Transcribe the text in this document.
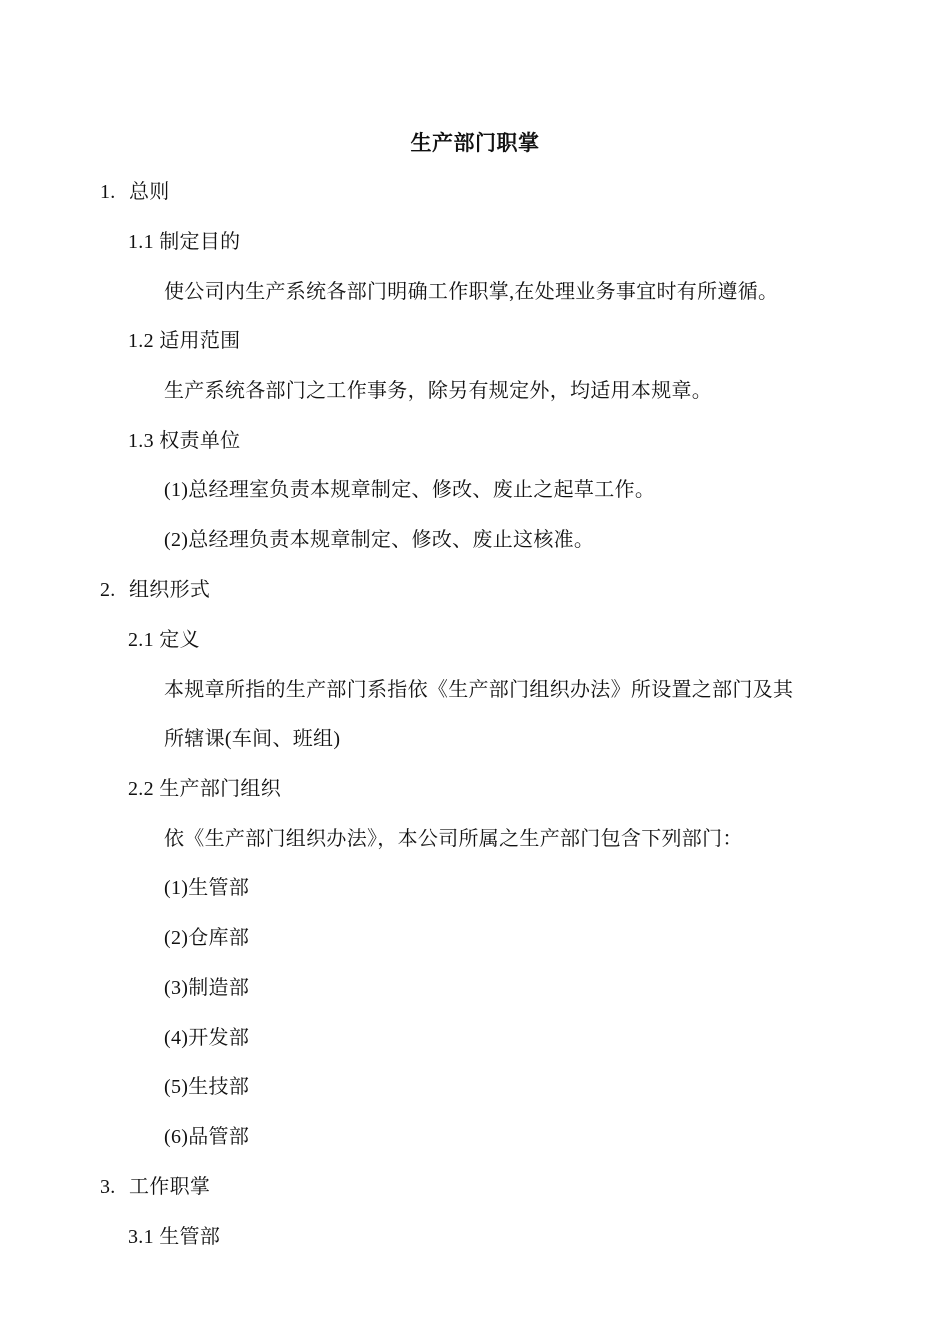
生产部门职掌
1. 总则
1.1 制定目的
使公司内生产系统各部门明确工作职掌,在处理业务事宜时有所遵循。
1.2 适用范围
生产系统各部门之工作事务，除另有规定外，均适用本规章。
1.3 权责单位
(1)总经理室负责本规章制定、修改、废止之起草工作。
(2)总经理负责本规章制定、修改、废止这核准。
2. 组织形式
2.1 定义
本规章所指的生产部门系指依《生产部门组织办法》所设置之部门及其
所辖课(车间、班组)
2.2 生产部门组织
依《生产部门组织办法》，本公司所属之生产部门包含下列部门：
(1)生管部
(2)仓库部
(3)制造部
(4)开发部
(5)生技部
(6)品管部
3. 工作职掌
3.1 生管部
